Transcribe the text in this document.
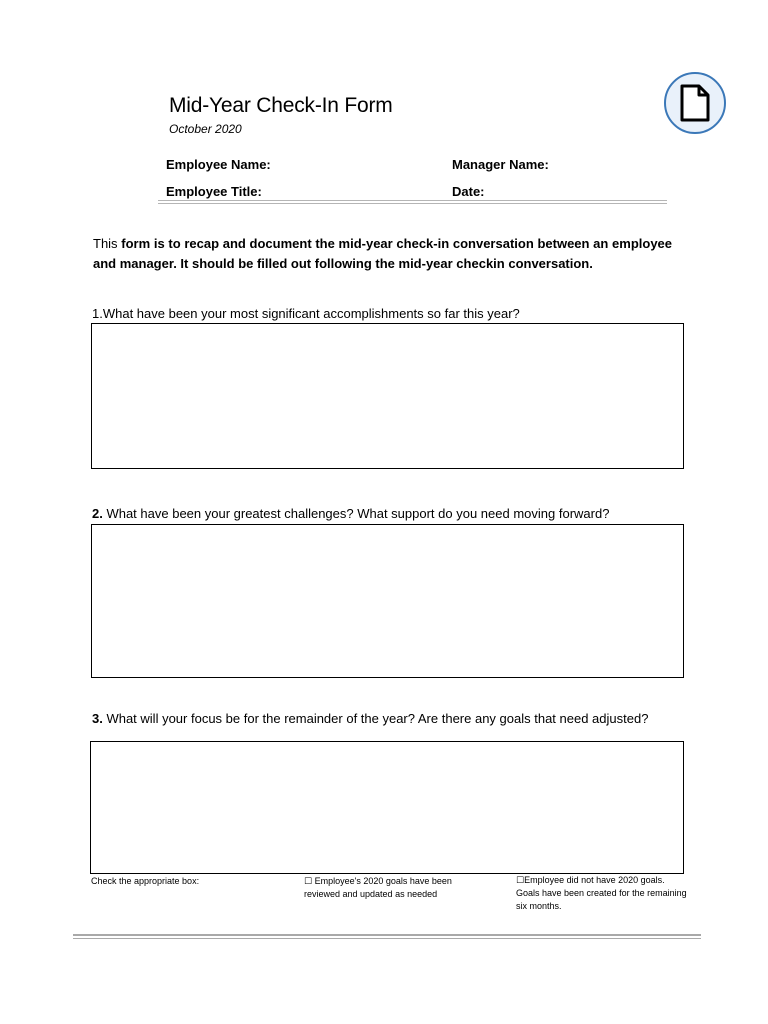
Mid-Year Check-In Form
October 2020
Employee Name:	Manager Name:
Employee Title:	Date:
This form is to recap and document the mid-year check-in conversation between an employee and manager. It should be filled out following the mid-year checkin conversation.
1.What have been your most significant accomplishments so far this year?
2. What have been your greatest challenges? What support do you need moving forward?
3. What will your focus be for the remainder of the year? Are there any goals that need adjusted?
Check the appropriate box:	☐ Employee's 2020 goals have been reviewed and updated as needed
☐Employee did not have 2020 goals. Goals have been created for the remaining six months.
